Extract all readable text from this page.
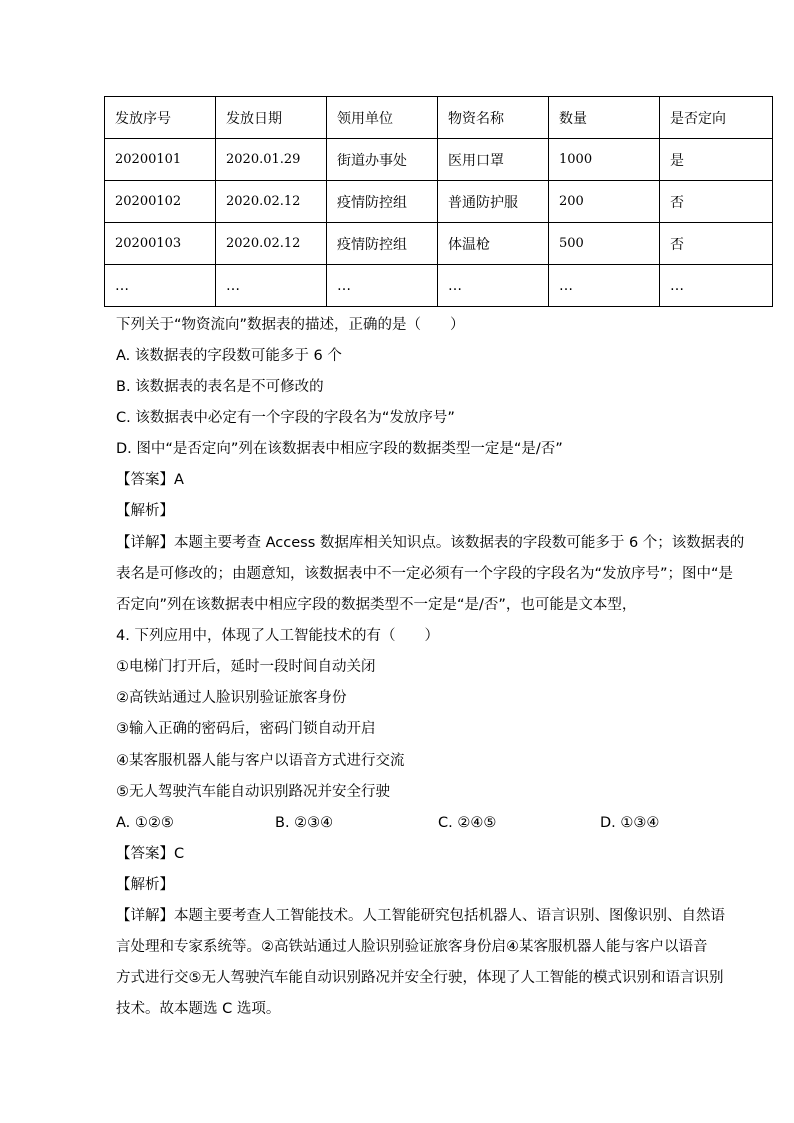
发放序号	发放日期	领用单位	物资名称	数量	是否定向
20200101	2020.01.29	街道办事处	医用口罩	1000	是
20200102	2020.02.12	疫情防控组	普通防护服	200	否
20200103	2020.02.12	疫情防控组	体温枪	500	否
…	…	…	…	…	…
下列关于“物资流向”数据表的描述，正确的是（　　）
A. 该数据表的字段数可能多于 6 个
B. 该数据表的表名是不可修改的
C. 该数据表中必定有一个字段的字段名为“发放序号”
D. 图中“是否定向”列在该数据表中相应字段的数据类型一定是“是/否”
【答案】A
【解析】
【详解】本题主要考查 Access 数据库相关知识点。该数据表的字段数可能多于 6 个；该数据表的
表名是可修改的；由题意知，该数据表中不一定必须有一个字段的字段名为“发放序号”；图中“是
否定向”列在该数据表中相应字段的数据类型不一定是“是/否”，也可能是文本型，
4. 下列应用中，体现了人工智能技术的有（　　）
①电梯门打开后，延时一段时间自动关闭
②高铁站通过人脸识别验证旅客身份
③输入正确的密码后，密码门锁自动开启
④某客服机器人能与客户以语音方式进行交流
⑤无人驾驶汽车能自动识别路况并安全行驶
A. ①②⑤	B. ②③④	C. ②④⑤	D. ①③④
【答案】C
【解析】
【详解】本题主要考查人工智能技术。人工智能研究包括机器人、语言识别、图像识别、自然语
言处理和专家系统等。②高铁站通过人脸识别验证旅客身份启④某客服机器人能与客户以语音
方式进行交⑤无人驾驶汽车能自动识别路况并安全行驶，体现了人工智能的模式识别和语言识别
技术。故本题选 C 选项。
